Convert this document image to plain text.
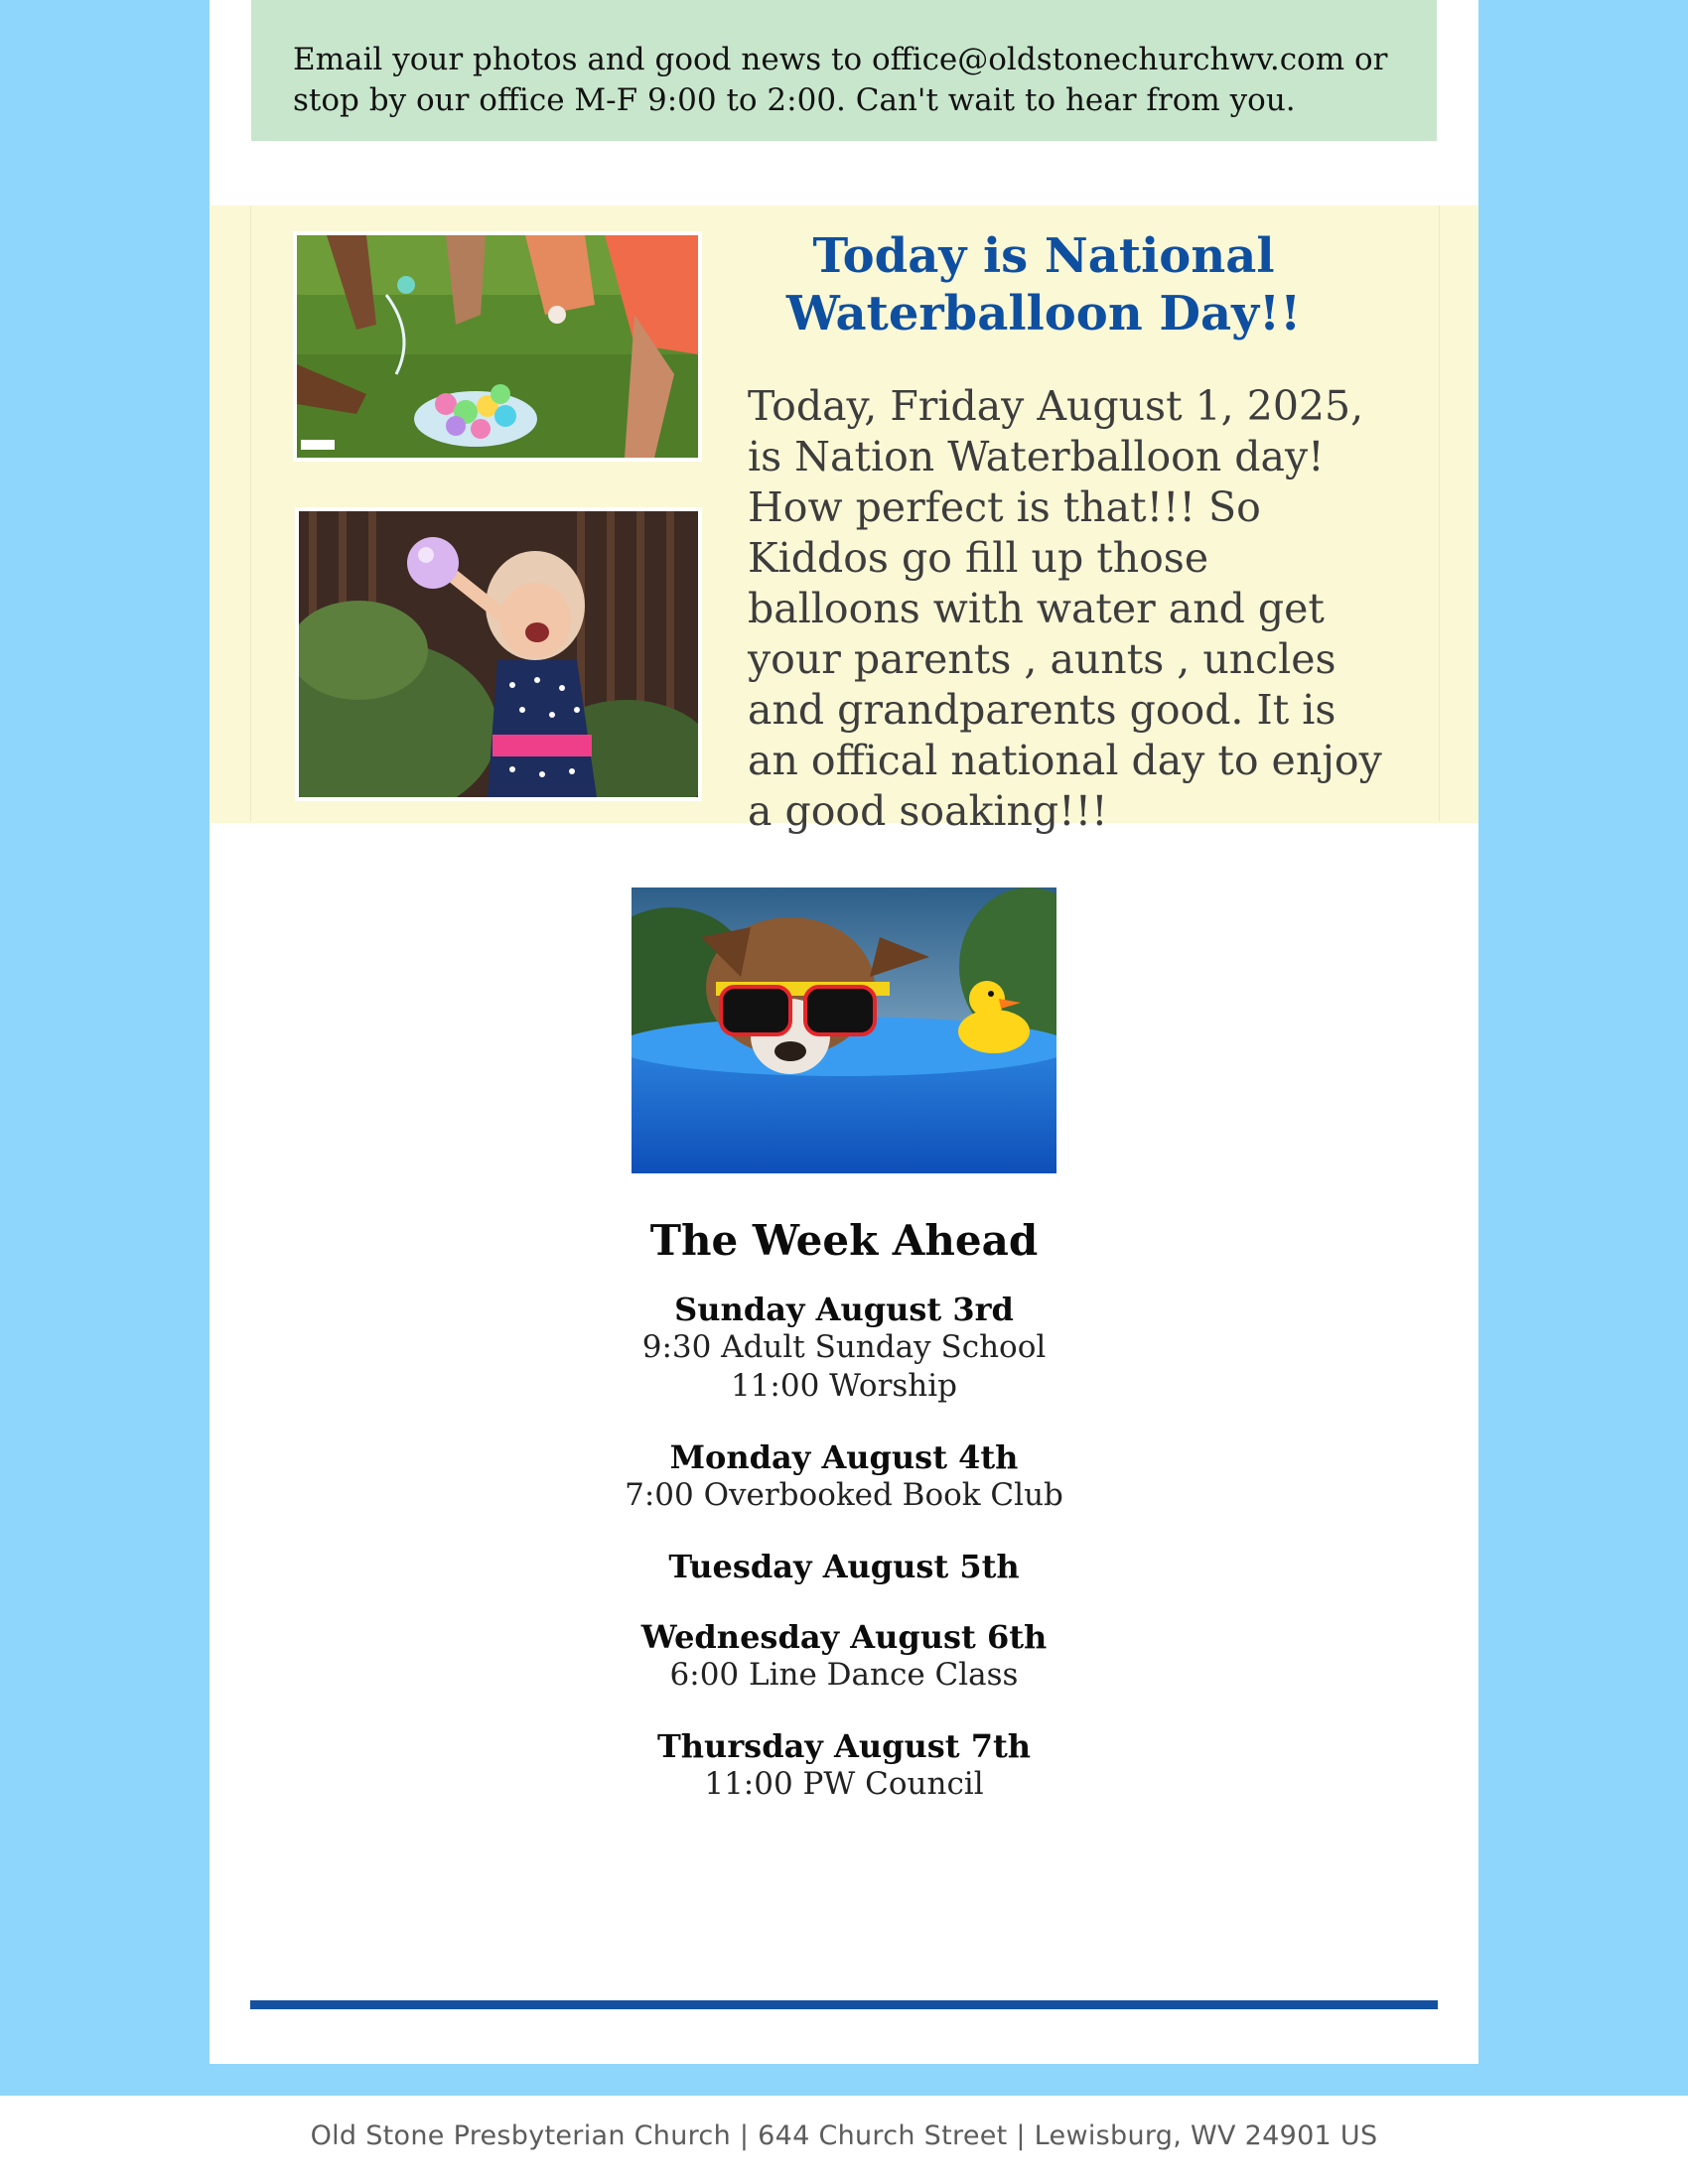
Email your photos and good news to office@oldstonechurchwv.com or stop by our office M-F 9:00 to 2:00. Can't wait to hear from you.

Today is National Waterballoon Day!!

Today, Friday August 1, 2025, is Nation Waterballoon day! How perfect is that!!! So Kiddos go fill up those balloons with water and get your parents , aunts , uncles and grandparents good. It is an offical national day to enjoy a good soaking!!!

The Week Ahead
Sunday August 3rd
9:30 Adult Sunday School
11:00 Worship
Monday August 4th
7:00 Overbooked Book Club
Tuesday August 5th
Wednesday August 6th
6:00 Line Dance Class
Thursday August 7th
11:00 PW Council
Old Stone Presbyterian Church | 644 Church Street | Lewisburg, WV 24901 US
